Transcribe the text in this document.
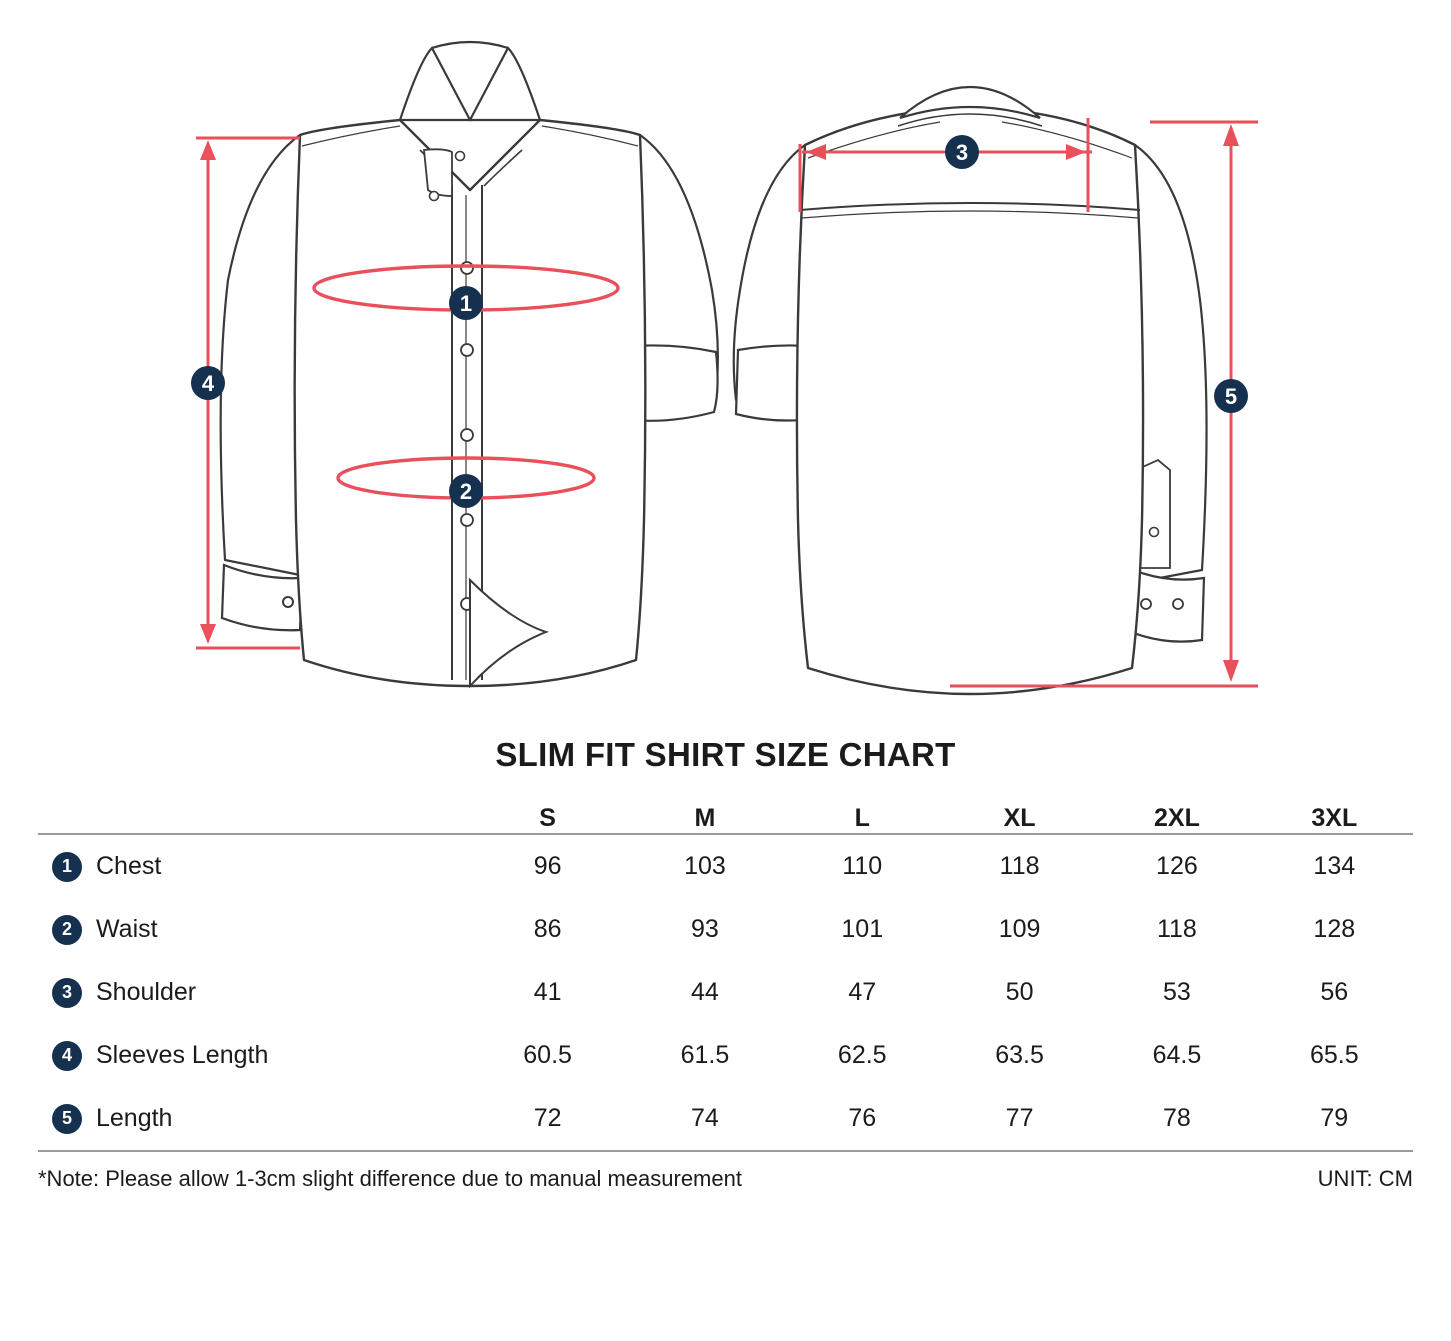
1
2
4
3
5
SLIM FIT SHIRT SIZE CHART
	S	M	L	XL	2XL	3XL

1 Chest	96	103	110	118	126	134

2 Waist	86	93	101	109	118	128

3 Shoulder	41	44	47	50	53	56

4 Sleeves Length	60.5	61.5	62.5	63.5	64.5	65.5

5 Length	72	74	76	77	78	79
*Note: Please allow 1-3cm slight difference due to manual measurement	UNIT: CM
